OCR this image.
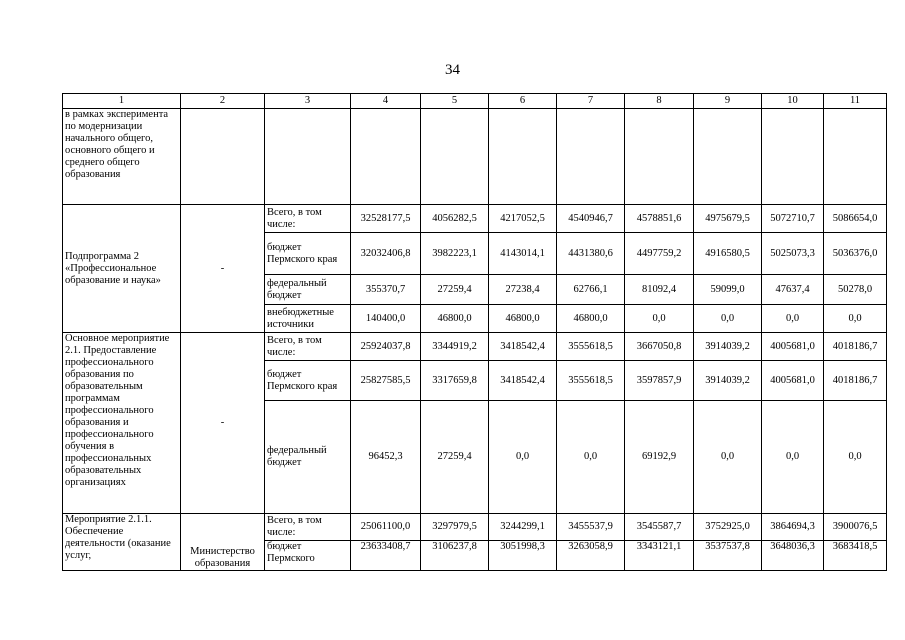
34
1	2	3	4	5	6	7	8	9	10	11
в рамках эксперимента по модернизации начального общего, основного общего и среднего общего образования										
Подпрограмма 2 «Профессиональное образование и наука»	-	Всего, в том числе:	32528177,5	4056282,5	4217052,5	4540946,7	4578851,6	4975679,5	5072710,7	5086654,0
		бюджет Пермского края	32032406,8	3982223,1	4143014,1	4431380,6	4497759,2	4916580,5	5025073,3	5036376,0
		федеральный бюджет	355370,7	27259,4	27238,4	62766,1	81092,4	59099,0	47637,4	50278,0
		внебюджетные источники	140400,0	46800,0	46800,0	46800,0	0,0	0,0	0,0	0,0
Основное мероприятие 2.1. Предоставление профессионального образования по образовательным программам профессионального образования и профессионального обучения в профессиональных образовательных организациях	-	Всего, в том числе:	25924037,8	3344919,2	3418542,4	3555618,5	3667050,8	3914039,2	4005681,0	4018186,7
		бюджет Пермского края	25827585,5	3317659,8	3418542,4	3555618,5	3597857,9	3914039,2	4005681,0	4018186,7
		федеральный бюджет	96452,3	27259,4	0,0	0,0	69192,9	0,0	0,0	0,0
Мероприятие 2.1.1. Обеспечение деятельности (оказание услуг,	Министерство образования	Всего, в том числе:	25061100,0	3297979,5	3244299,1	3455537,9	3545587,7	3752925,0	3864694,3	3900076,5
		бюджет Пермского	23633408,7	3106237,8	3051998,3	3263058,9	3343121,1	3537537,8	3648036,3	3683418,5
